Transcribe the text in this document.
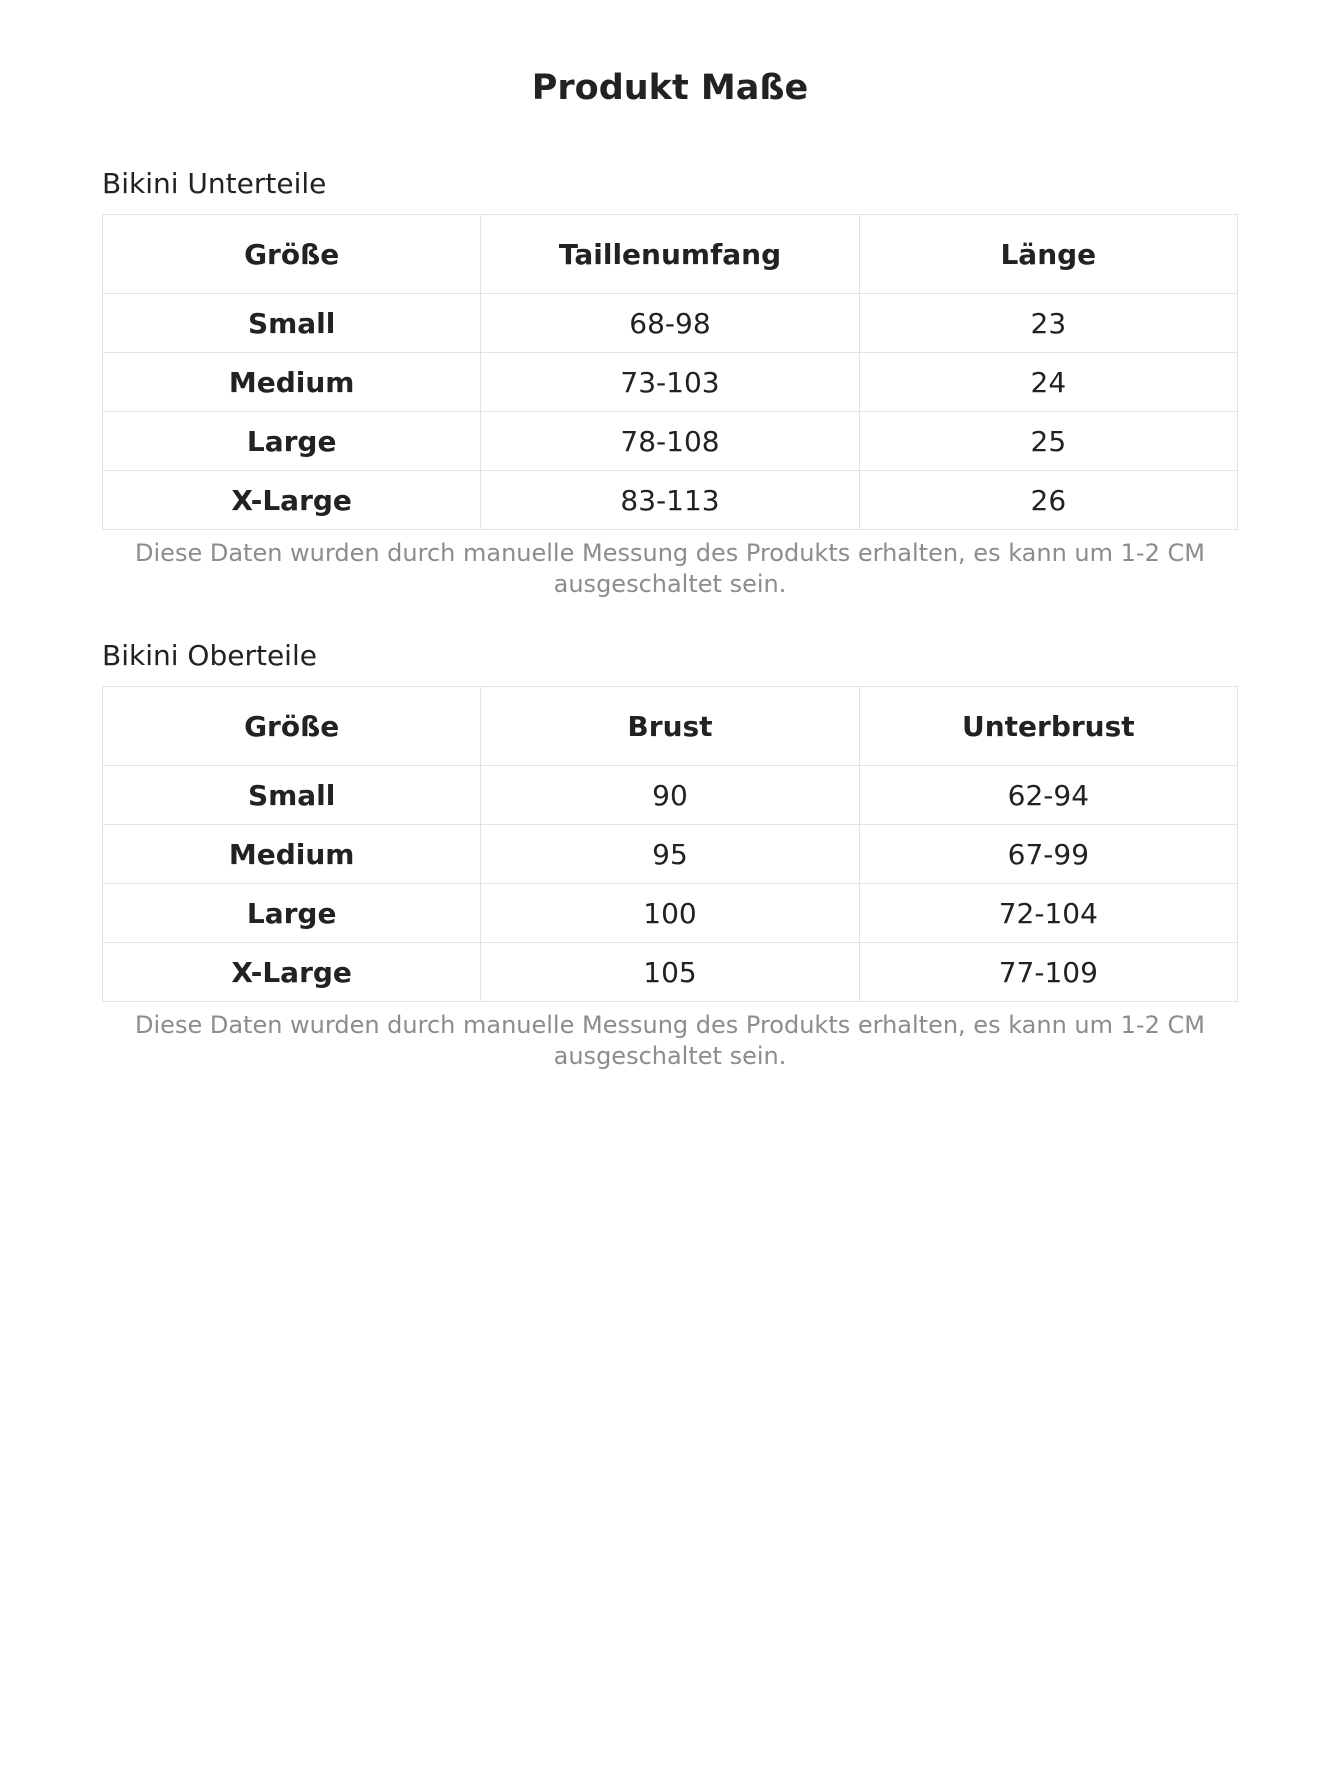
Produkt Maße
Bikini Unterteile
Größe	Taillenumfang	Länge
Small	68-98	23
Medium	73-103	24
Large	78-108	25
X-Large	83-113	26

Diese Daten wurden durch manuelle Messung des Produkts erhalten, es kann um 1-2 CM ausgeschaltet sein.

Bikini Oberteile
Größe	Brust	Unterbrust
Small	90	62-94
Medium	95	67-99
Large	100	72-104
X-Large	105	77-109

Diese Daten wurden durch manuelle Messung des Produkts erhalten, es kann um 1-2 CM ausgeschaltet sein.
